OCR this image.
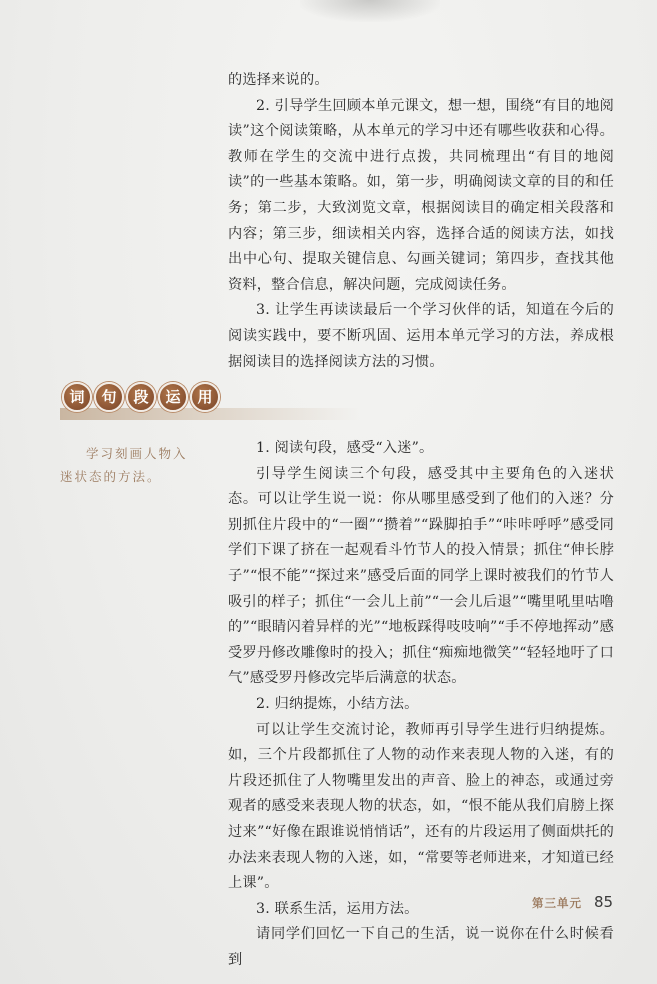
的选择来说的。

2. 引导学生回顾本单元课文，想一想，围绕“有目的地阅读”这个阅读策略，从本单元的学习中还有哪些收获和心得。教师在学生的交流中进行点拨，共同梳理出“有目的地阅读”的一些基本策略。如，第一步，明确阅读文章的目的和任务；第二步，大致浏览文章，根据阅读目的确定相关段落和内容；第三步，细读相关内容，选择合适的阅读方法，如找出中心句、提取关键信息、勾画关键词；第四步，查找其他资料，整合信息，解决问题，完成阅读任务。

3. 让学生再读读最后一个学习伙伴的话，知道在今后的阅读实践中，要不断巩固、运用本单元学习的方法，养成根据阅读目的选择阅读方法的习惯。

词	句	段	运	用
学习刻画人物入
迷状态的方法。

1. 阅读句段，感受“入迷”。

引导学生阅读三个句段，感受其中主要角色的入迷状态。可以让学生说一说：你从哪里感受到了他们的入迷？分别抓住片段中的“一圈”“攒着”“跺脚拍手”“咔咔呼呼”感受同学们下课了挤在一起观看斗竹节人的投入情景；抓住“伸长脖子”“恨不能”“探过来”感受后面的同学上课时被我们的竹节人吸引的样子；抓住“一会儿上前”“一会儿后退”“嘴里吼里咕噜的”“眼睛闪着异样的光”“地板踩得吱吱响”“手不停地挥动”感受罗丹修改雕像时的投入；抓住“痴痴地微笑”“轻轻地吁了口气”感受罗丹修改完毕后满意的状态。

2. 归纳提炼，小结方法。

可以让学生交流讨论，教师再引导学生进行归纳提炼。如，三个片段都抓住了人物的动作来表现人物的入迷，有的片段还抓住了人物嘴里发出的声音、脸上的神态，或通过旁观者的感受来表现人物的状态，如，“恨不能从我们肩膀上探过来”“好像在跟谁说悄悄话”，还有的片段运用了侧面烘托的办法来表现人物的入迷，如，“常要等老师进来，才知道已经上课”。

3. 联系生活，运用方法。

请同学们回忆一下自己的生活，说一说你在什么时候看到

第三单元 85
